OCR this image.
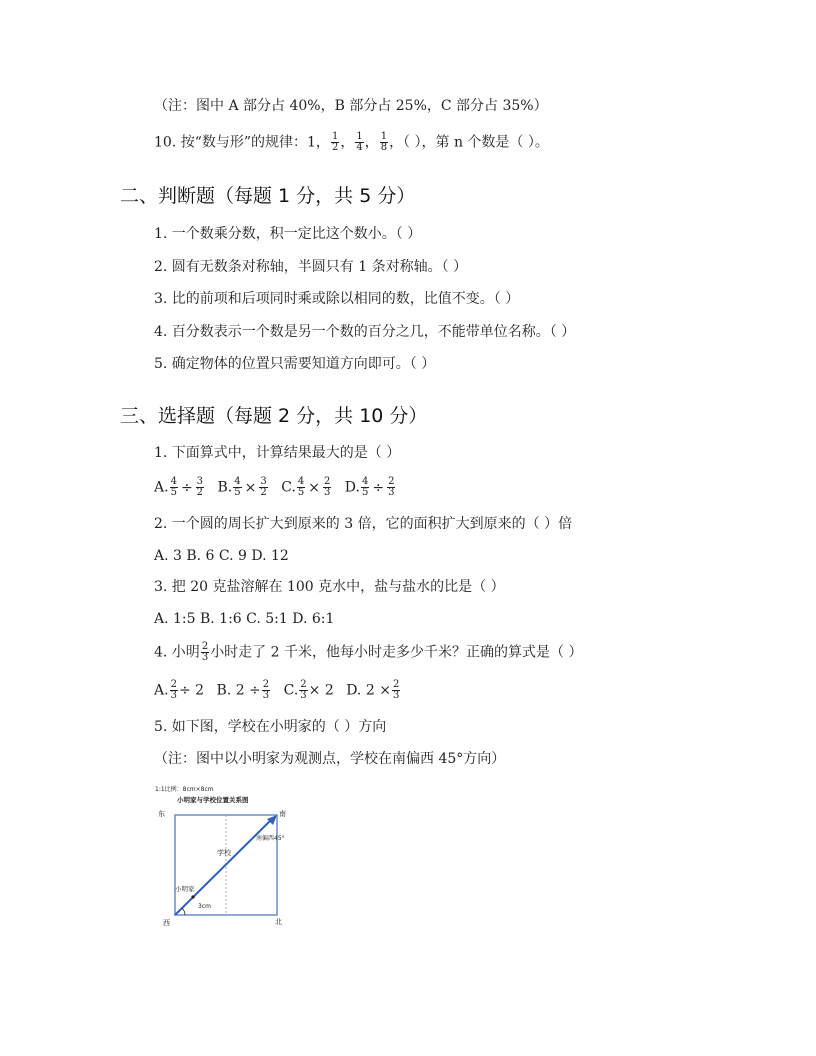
（注：图中 A 部分占 40%，B 部分占 25%，C 部分占 35%）
10. 按“数与形”的规律：1， $\frac{1}{2}$ ， $\frac{1}{4}$ ， $\frac{1}{8}$ ，（ ），第 n 个数是（ ）。
二、判断题（每题 1 分，共 5 分）
1. 一个数乘分数，积一定比这个数小。（ ）
2. 圆有无数条对称轴，半圆只有 1 条对称轴。（ ）
3. 比的前项和后项同时乘或除以相同的数，比值不变。（ ）
4. 百分数表示一个数是另一个数的百分之几，不能带单位名称。（ ）
5. 确定物体的位置只需要知道方向即可。（ ）
三、选择题（每题 2 分，共 10 分）
1. 下面算式中，计算结果最大的是（ ）
A. $\frac{4}{5} \div \frac{3}{2} B$. $\frac{4}{5} \times \frac{3}{2} C$. $\frac{4}{5} \times \frac{2}{3} D$. $\frac{4}{5} \div \frac{2}{3}$
2. 一个圆的周长扩大到原来的 3 倍，它的面积扩大到原来的（ ）倍
A. 3 B. 6 C. 9 D. 12
3. 把 20 克盐溶解在 100 克水中，盐与盐水的比是（ ）
A. 1:5 B. 1:6 C. 5:1 D. 6:1
4. 小明 $\frac{2}{3}$ 小时走了 2 千米，他每小时走多少千米？正确的算式是（ ）
A. $\frac{2}{3} \div 2$ B. $2 \div \frac{2}{3} C$. $\frac{2}{3} \times 2$ D. $2 \times \frac{2}{3}$
5. 如下图，学校在小明家的（ ）方向
（注：图中以小明家为观测点，学校在南偏西 45°方向）
1:1比例：8cm×8cm
小明家与学校位置关系图
东	南
西	北
南偏西45°
学校
小明家
3cm
